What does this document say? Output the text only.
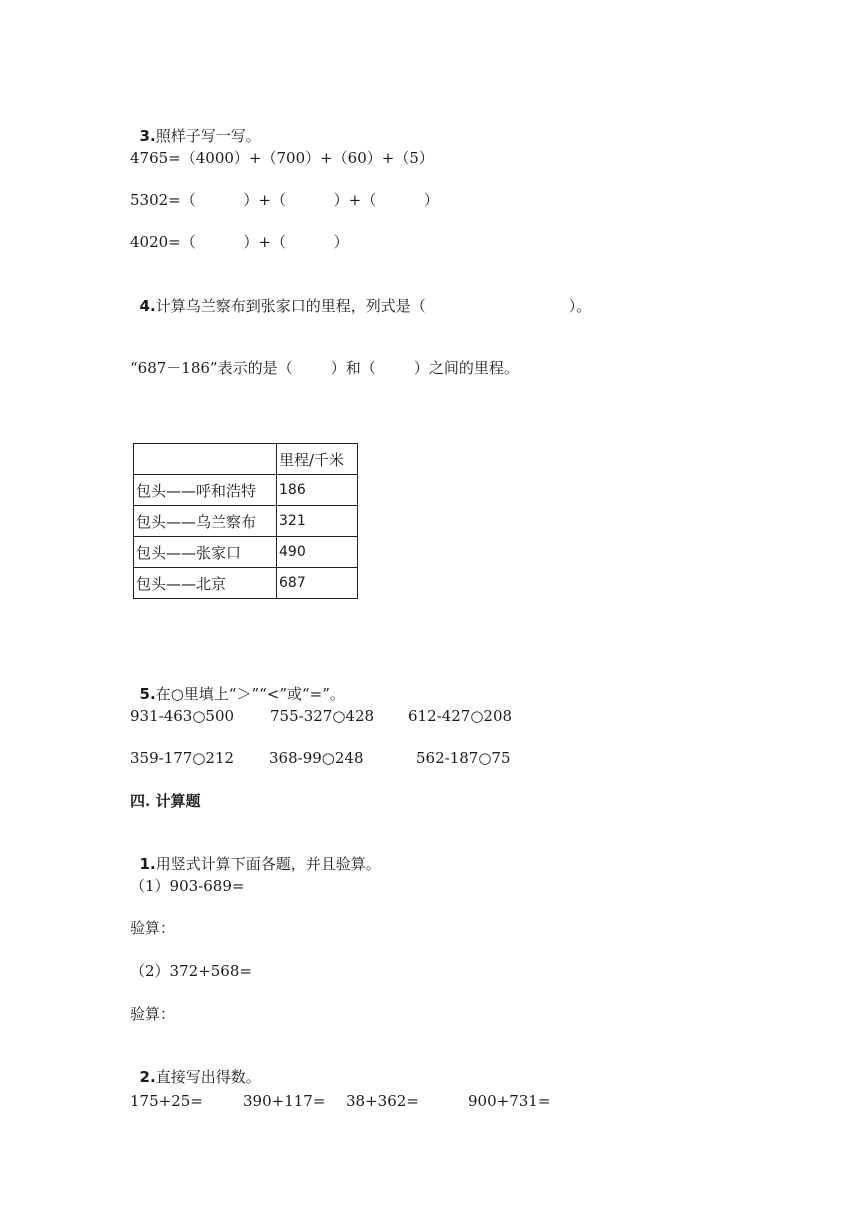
3.照样子写一写。

4765=（4000）+（700）+（60）+（5）
5302=（          ）+（          ）+（          ）
4020=（          ）+（          ）

4.计算乌兰察布到张家口的里程，列式是（                              ）。

“687－186”表示的是（        ）和（        ）之间的里程。
	里程/千米
包头——呼和浩特	186
包头——乌兰察布	321
包头——张家口	490
包头——北京	687

5.在○里填上“＞”“<”或“=”。

931-463○500	755-327○428	612-427○208
359-177○212	368-99○248	562-187○75
四. 计算题

1.用竖式计算下面各题，并且验算。

（1）903-689=
验算：
（2）372+568=
验算：

2.直接写出得数。

175+25=	390+117=	38+362=	900+731=
